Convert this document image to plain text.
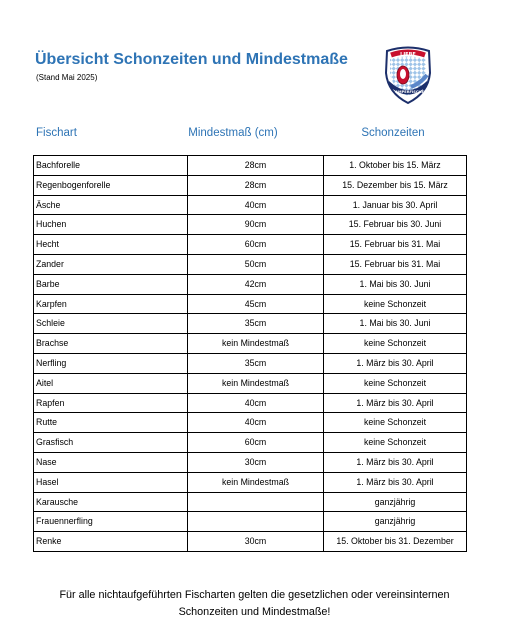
Übersicht Schonzeiten und Mindestmaße
(Stand Mai 2025)
LIEBE
AMPERFISCHER
Fischart	Mindestmaß (cm)	Schonzeiten
Bachforelle	28cm	1. Oktober bis 15. März
Regenbogenforelle	28cm	15. Dezember bis 15. März
Äsche	40cm	1. Januar bis 30. April
Huchen	90cm	15. Februar bis 30. Juni
Hecht	60cm	15. Februar bis 31. Mai
Zander	50cm	15. Februar bis 31. Mai
Barbe	42cm	1. Mai bis 30. Juni
Karpfen	45cm	keine Schonzeit
Schleie	35cm	1. Mai bis 30. Juni
Brachse	kein Mindestmaß	keine Schonzeit
Nerfling	35cm	1. März bis 30. April
Aitel	kein Mindestmaß	keine Schonzeit
Rapfen	40cm	1. März bis 30. April
Rutte	40cm	keine Schonzeit
Grasfisch	60cm	keine Schonzeit
Nase	30cm	1. März bis 30. April
Hasel	kein Mindestmaß	1. März bis 30. April
Karausche		ganzjährig
Frauennerfling		ganzjährig
Renke	30cm	15. Oktober bis 31. Dezember
Für alle nichtaufgeführten Fischarten gelten die gesetzlichen oder vereinsinternen
Schonzeiten und Mindestmaße!
